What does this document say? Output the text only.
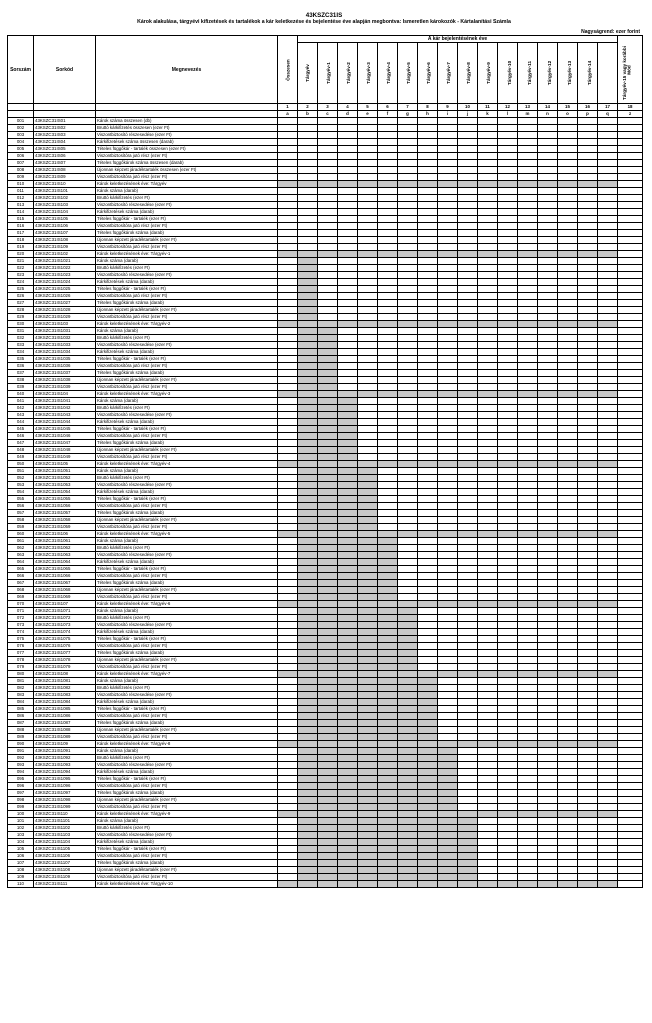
43KSZC31IS
Károk alakulása, tárgyévi kifizetések és tartalékok a kár keletkezése és bejelentése éve alapján megbontva: Ismeretlen károkozók - Kártalanítási Számla
Nagyságrend: ezer forint
Sorszám	Sorkód	Megnevezés	Összesen	A kár bejelentésének éve																Mód
				Tárgyév	Tárgyév-1	Tárgyév-2	Tárgyév-3	Tárgyév-4	Tárgyév-5	Tárgyév-6	Tárgyév-7	Tárgyév-8	Tárgyév-9	Tárgyév-10	Tárgyév-11	Tárgyév-12	Tárgyév-13	Tárgyév-14	Tárgyév-15 vagy korábbi	
			1	2	3	4	5	6	7	8	9	10	11	12	13	14	15	16	17	18
			a	b	c	d	e	f	g	h	i	j	k	l	m	n	o	p	q	z
001	43KSZC31IS01	Károk száma összesen (db)																		
002	43KSZC31IS02	Bruttó kárkifizetés összesen (ezer Ft)																		
003	43KSZC31IS03	Viszontbiztosító részesedése (ezer Ft)																		
004	43KSZC31IS04	Kárkifizetések száma összesen (darab)																		
005	43KSZC31IS05	Tételes függőkár - tartalék összesen (ezer Ft)																		
006	43KSZC31IS06	Viszontbiztosítóra jutó rész (ezer Ft)																		
007	43KSZC31IS07	Tételes függőkárok száma összesen (darab)																		
008	43KSZC31IS08	Újonnan képzett járadéktartalék összesen (ezer Ft)																		
009	43KSZC31IS09	Viszontbiztosítóra jutó rész (ezer Ft)																		
010	43KSZC31IS10	Károk keletkezésének éve: Tárgyév																		
011	43KSZC31IS101	Károk száma (darab)																		
012	43KSZC31IS102	Bruttó kárkifizetés (ezer Ft)																		
013	43KSZC31IS103	Viszontbiztosító részesedése (ezer Ft)																		
014	43KSZC31IS104	Kárkifizetések száma (darab)																		
015	43KSZC31IS105	Tételes függőkár - tartalék (ezer Ft)																		
016	43KSZC31IS106	Viszontbiztosítóra jutó rész (ezer Ft)																		
017	43KSZC31IS107	Tételes függőkárok száma (darab)																		
018	43KSZC31IS108	Újonnan képzett járadéktartalék (ezer Ft)																		
019	43KSZC31IS109	Viszontbiztosítóra jutó rész (ezer Ft)																		
020	43KSZC31IS102	Károk keletkezésének éve: Tárgyév-1																		
021	43KSZC31IS1021	Károk száma (darab)																		
022	43KSZC31IS1022	Bruttó kárkifizetés (ezer Ft)																		
023	43KSZC31IS1023	Viszontbiztosító részesedése (ezer Ft)																		
024	43KSZC31IS1024	Kárkifizetések száma (darab)																		
025	43KSZC31IS1025	Tételes függőkár - tartalék (ezer Ft)																		
026	43KSZC31IS1026	Viszontbiztosítóra jutó rész (ezer Ft)																		
027	43KSZC31IS1027	Tételes függőkárok száma (darab)																		
028	43KSZC31IS1028	Újonnan képzett járadéktartalék (ezer Ft)																		
029	43KSZC31IS1029	Viszontbiztosítóra jutó rész (ezer Ft)																		
030	43KSZC31IS103	Károk keletkezésének éve: Tárgyév-2																		
031	43KSZC31IS1031	Károk száma (darab)																		
032	43KSZC31IS1032	Bruttó kárkifizetés (ezer Ft)																		
033	43KSZC31IS1033	Viszontbiztosító részesedése (ezer Ft)																		
034	43KSZC31IS1034	Kárkifizetések száma (darab)																		
035	43KSZC31IS1035	Tételes függőkár - tartalék (ezer Ft)																		
036	43KSZC31IS1036	Viszontbiztosítóra jutó rész (ezer Ft)																		
037	43KSZC31IS1037	Tételes függőkárok száma (darab)																		
038	43KSZC31IS1038	Újonnan képzett járadéktartalék (ezer Ft)																		
039	43KSZC31IS1039	Viszontbiztosítóra jutó rész (ezer Ft)																		
040	43KSZC31IS104	Károk keletkezésének éve: Tárgyév-3																		
041	43KSZC31IS1041	Károk száma (darab)																		
042	43KSZC31IS1042	Bruttó kárkifizetés (ezer Ft)																		
043	43KSZC31IS1043	Viszontbiztosító részesedése (ezer Ft)																		
044	43KSZC31IS1044	Kárkifizetések száma (darab)																		
045	43KSZC31IS1045	Tételes függőkár - tartalék (ezer Ft)																		
046	43KSZC31IS1046	Viszontbiztosítóra jutó rész (ezer Ft)																		
047	43KSZC31IS1047	Tételes függőkárok száma (darab)																		
048	43KSZC31IS1048	Újonnan képzett járadéktartalék (ezer Ft)																		
049	43KSZC31IS1049	Viszontbiztosítóra jutó rész (ezer Ft)																		
050	43KSZC31IS105	Károk keletkezésének éve: Tárgyév-4																		
051	43KSZC31IS1051	Károk száma (darab)																		
052	43KSZC31IS1052	Bruttó kárkifizetés (ezer Ft)																		
053	43KSZC31IS1053	Viszontbiztosító részesedése (ezer Ft)																		
054	43KSZC31IS1054	Kárkifizetések száma (darab)																		
055	43KSZC31IS1055	Tételes függőkár - tartalék (ezer Ft)																		
056	43KSZC31IS1056	Viszontbiztosítóra jutó rész (ezer Ft)																		
057	43KSZC31IS1057	Tételes függőkárok száma (darab)																		
058	43KSZC31IS1058	Újonnan képzett járadéktartalék (ezer Ft)																		
059	43KSZC31IS1059	Viszontbiztosítóra jutó rész (ezer Ft)																		
060	43KSZC31IS106	Károk keletkezésének éve: Tárgyév-5																		
061	43KSZC31IS1061	Károk száma (darab)																		
062	43KSZC31IS1062	Bruttó kárkifizetés (ezer Ft)																		
063	43KSZC31IS1063	Viszontbiztosító részesedése (ezer Ft)																		
064	43KSZC31IS1064	Kárkifizetések száma (darab)																		
065	43KSZC31IS1065	Tételes függőkár - tartalék (ezer Ft)																		
066	43KSZC31IS1066	Viszontbiztosítóra jutó rész (ezer Ft)																		
067	43KSZC31IS1067	Tételes függőkárok száma (darab)																		
068	43KSZC31IS1068	Újonnan képzett járadéktartalék (ezer Ft)																		
069	43KSZC31IS1069	Viszontbiztosítóra jutó rész (ezer Ft)																		
070	43KSZC31IS107	Károk keletkezésének éve: Tárgyév-6																		
071	43KSZC31IS1071	Károk száma (darab)																		
072	43KSZC31IS1072	Bruttó kárkifizetés (ezer Ft)																		
073	43KSZC31IS1073	Viszontbiztosító részesedése (ezer Ft)																		
074	43KSZC31IS1074	Kárkifizetések száma (darab)																		
075	43KSZC31IS1075	Tételes függőkár - tartalék (ezer Ft)																		
076	43KSZC31IS1076	Viszontbiztosítóra jutó rész (ezer Ft)																		
077	43KSZC31IS1077	Tételes függőkárok száma (darab)																		
078	43KSZC31IS1078	Újonnan képzett járadéktartalék (ezer Ft)																		
079	43KSZC31IS1079	Viszontbiztosítóra jutó rész (ezer Ft)																		
080	43KSZC31IS108	Károk keletkezésének éve: Tárgyév-7																		
081	43KSZC31IS1081	Károk száma (darab)																		
082	43KSZC31IS1082	Bruttó kárkifizetés (ezer Ft)																		
083	43KSZC31IS1083	Viszontbiztosító részesedése (ezer Ft)																		
084	43KSZC31IS1084	Kárkifizetések száma (darab)																		
085	43KSZC31IS1085	Tételes függőkár - tartalék (ezer Ft)																		
086	43KSZC31IS1086	Viszontbiztosítóra jutó rész (ezer Ft)																		
087	43KSZC31IS1087	Tételes függőkárok száma (darab)																		
088	43KSZC31IS1088	Újonnan képzett járadéktartalék (ezer Ft)																		
089	43KSZC31IS1089	Viszontbiztosítóra jutó rész (ezer Ft)																		
090	43KSZC31IS109	Károk keletkezésének éve: Tárgyév-8																		
091	43KSZC31IS1091	Károk száma (darab)																		
092	43KSZC31IS1092	Bruttó kárkifizetés (ezer Ft)																		
093	43KSZC31IS1093	Viszontbiztosító részesedése (ezer Ft)																		
094	43KSZC31IS1094	Kárkifizetések száma (darab)																		
095	43KSZC31IS1095	Tételes függőkár - tartalék (ezer Ft)																		
096	43KSZC31IS1096	Viszontbiztosítóra jutó rész (ezer Ft)																		
097	43KSZC31IS1097	Tételes függőkárok száma (darab)																		
098	43KSZC31IS1098	Újonnan képzett járadéktartalék (ezer Ft)																		
099	43KSZC31IS1099	Viszontbiztosítóra jutó rész (ezer Ft)																		
100	43KSZC31IS110	Károk keletkezésének éve: Tárgyév-9																		
101	43KSZC31IS1101	Károk száma (darab)																		
102	43KSZC31IS1102	Bruttó kárkifizetés (ezer Ft)																		
103	43KSZC31IS1103	Viszontbiztosító részesedése (ezer Ft)																		
104	43KSZC31IS1104	Kárkifizetések száma (darab)																		
105	43KSZC31IS1105	Tételes függőkár - tartalék (ezer Ft)																		
106	43KSZC31IS1106	Viszontbiztosítóra jutó rész (ezer Ft)																		
107	43KSZC31IS1107	Tételes függőkárok száma (darab)																		
108	43KSZC31IS1108	Újonnan képzett járadéktartalék (ezer Ft)																		
109	43KSZC31IS1109	Viszontbiztosítóra jutó rész (ezer Ft)																		
110	43KSZC31IS111	Károk keletkezésének éve: Tárgyév-10																		
